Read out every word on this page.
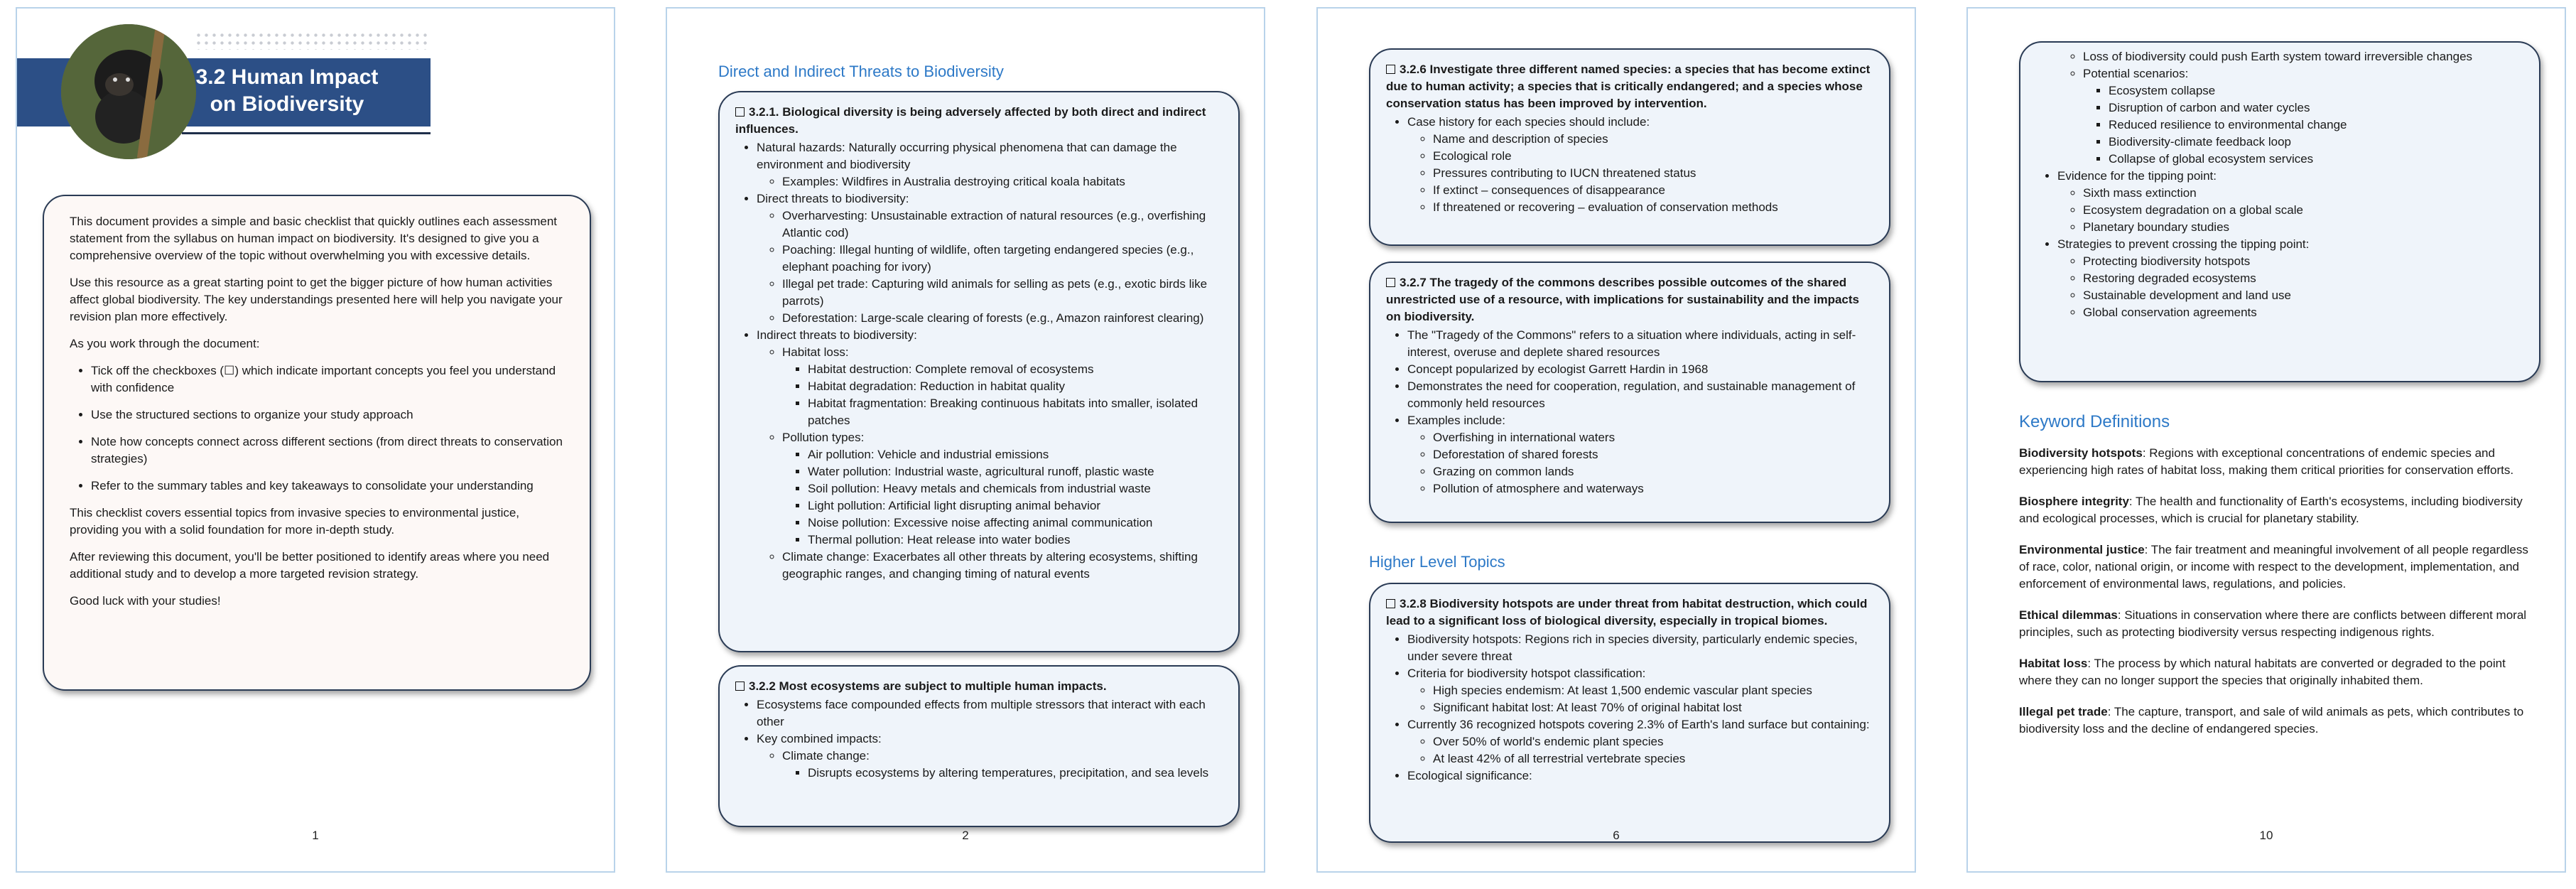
3.2 Human Impact on Biodiversity

This document provides a simple and basic checklist that quickly outlines each assessment statement from the syllabus on human impact on biodiversity. It's designed to give you a comprehensive overview of the topic without overwhelming you with excessive details.

Use this resource as a great starting point to get the bigger picture of how human activities affect global biodiversity. The key understandings presented here will help you navigate your revision plan more effectively.

As you work through the document:

• Tick off the checkboxes (☐) which indicate important concepts you feel you understand with confidence
• Use the structured sections to organize your study approach
• Note how concepts connect across different sections (from direct threats to conservation strategies)
• Refer to the summary tables and key takeaways to consolidate your understanding

This checklist covers essential topics from invasive species to environmental justice, providing you with a solid foundation for more in-depth study.

After reviewing this document, you'll be better positioned to identify areas where you need additional study and to develop a more targeted revision strategy.

Good luck with your studies!

1
Direct and Indirect Threats to Biodiversity
3.2.1. Biological diversity is being adversely affected by both direct and indirect influences.
• Natural hazards: Naturally occurring physical phenomena that can damage the environment and biodiversity
◦ Examples: Wildfires in Australia destroying critical koala habitats
• Direct threats to biodiversity:
◦ Overharvesting: Unsustainable extraction of natural resources (e.g., overfishing Atlantic cod)
◦ Poaching: Illegal hunting of wildlife, often targeting endangered species (e.g., elephant poaching for ivory)
◦ Illegal pet trade: Capturing wild animals for selling as pets (e.g., exotic birds like parrots)
◦ Deforestation: Large-scale clearing of forests (e.g., Amazon rainforest clearing)
• Indirect threats to biodiversity:
◦ Habitat loss:
▪ Habitat destruction: Complete removal of ecosystems
▪ Habitat degradation: Reduction in habitat quality
▪ Habitat fragmentation: Breaking continuous habitats into smaller, isolated patches
◦ Pollution types:
▪ Air pollution: Vehicle and industrial emissions
▪ Water pollution: Industrial waste, agricultural runoff, plastic waste
▪ Soil pollution: Heavy metals and chemicals from industrial waste
▪ Light pollution: Artificial light disrupting animal behavior
▪ Noise pollution: Excessive noise affecting animal communication
▪ Thermal pollution: Heat release into water bodies
◦ Climate change: Exacerbates all other threats by altering ecosystems, shifting geographic ranges, and changing timing of natural events
3.2.2 Most ecosystems are subject to multiple human impacts.
• Ecosystems face compounded effects from multiple stressors that interact with each other
• Key combined impacts:
◦ Climate change:
▪ Disrupts ecosystems by altering temperatures, precipitation, and sea levels
2
3.2.6 Investigate three different named species: a species that has become extinct due to human activity; a species that is critically endangered; and a species whose conservation status has been improved by intervention.
• Case history for each species should include:
◦ Name and description of species
◦ Ecological role
◦ Pressures contributing to IUCN threatened status
◦ If extinct – consequences of disappearance
◦ If threatened or recovering – evaluation of conservation methods
3.2.7 The tragedy of the commons describes possible outcomes of the shared unrestricted use of a resource, with implications for sustainability and the impacts on biodiversity.
• The "Tragedy of the Commons" refers to a situation where individuals, acting in self-interest, overuse and deplete shared resources
• Concept popularized by ecologist Garrett Hardin in 1968
• Demonstrates the need for cooperation, regulation, and sustainable management of commonly held resources
• Examples include:
◦ Overfishing in international waters
◦ Deforestation of shared forests
◦ Grazing on common lands
◦ Pollution of atmosphere and waterways
Higher Level Topics
3.2.8 Biodiversity hotspots are under threat from habitat destruction, which could lead to a significant loss of biological diversity, especially in tropical biomes.
• Biodiversity hotspots: Regions rich in species diversity, particularly endemic species, under severe threat
• Criteria for biodiversity hotspot classification:
◦ High species endemism: At least 1,500 endemic vascular plant species
◦ Significant habitat lost: At least 70% of original habitat lost
• Currently 36 recognized hotspots covering 2.3% of Earth's land surface but containing:
◦ Over 50% of world's endemic plant species
◦ At least 42% of all terrestrial vertebrate species
• Ecological significance:
6
◦ Loss of biodiversity could push Earth system toward irreversible changes
◦ Potential scenarios:
▪ Ecosystem collapse
▪ Disruption of carbon and water cycles
▪ Reduced resilience to environmental change
▪ Biodiversity-climate feedback loop
▪ Collapse of global ecosystem services
• Evidence for the tipping point:
◦ Sixth mass extinction
◦ Ecosystem degradation on a global scale
◦ Planetary boundary studies
• Strategies to prevent crossing the tipping point:
◦ Protecting biodiversity hotspots
◦ Restoring degraded ecosystems
◦ Sustainable development and land use
◦ Global conservation agreements
Keyword Definitions

Biodiversity hotspots: Regions with exceptional concentrations of endemic species and experiencing high rates of habitat loss, making them critical priorities for conservation efforts.

Biosphere integrity: The health and functionality of Earth's ecosystems, including biodiversity and ecological processes, which is crucial for planetary stability.

Environmental justice: The fair treatment and meaningful involvement of all people regardless of race, color, national origin, or income with respect to the development, implementation, and enforcement of environmental laws, regulations, and policies.

Ethical dilemmas: Situations in conservation where there are conflicts between different moral principles, such as protecting biodiversity versus respecting indigenous rights.

Habitat loss: The process by which natural habitats are converted or degraded to the point where they can no longer support the species that originally inhabited them.

Illegal pet trade: The capture, transport, and sale of wild animals as pets, which contributes to biodiversity loss and the decline of endangered species.

10
